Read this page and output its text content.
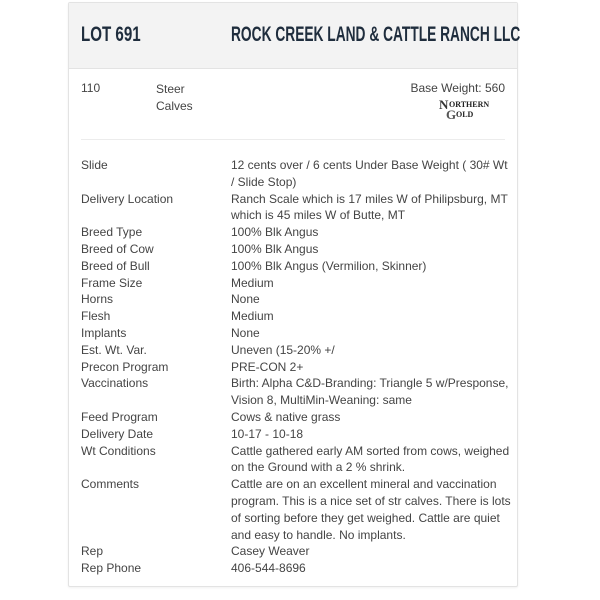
LOT 691	ROCK CREEK LAND & CATTLE RANCH LLC
110	Steer Calves
Base Weight: 560
N ORTHERN
G OLD
Slide	12 cents over / 6 cents Under Base Weight ( 30# Wt / Slide Stop)
Delivery Location	Ranch Scale which is 17 miles W of Philipsburg, MT which is 45 miles W of Butte, MT
Breed Type	100% Blk Angus
Breed of Cow	100% Blk Angus
Breed of Bull	100% Blk Angus (Vermilion, Skinner)
Frame Size	Medium
Horns	None
Flesh	Medium
Implants	None
Est. Wt. Var.	Uneven (15-20% +/
Precon Program	PRE-CON 2+
Vaccinations	Birth: Alpha C&D-Branding: Triangle 5 w/Presponse, Vision 8, MultiMin-Weaning: same
Feed Program	Cows & native grass
Delivery Date	10-17 - 10-18
Wt Conditions	Cattle gathered early AM sorted from cows, weighed on the Ground with a 2 % shrink.
Comments	Cattle are on an excellent mineral and vaccination program. This is a nice set of str calves. There is lots of sorting before they get weighed. Cattle are quiet and easy to handle. No implants.
Rep	Casey Weaver
Rep Phone	406-544-8696
